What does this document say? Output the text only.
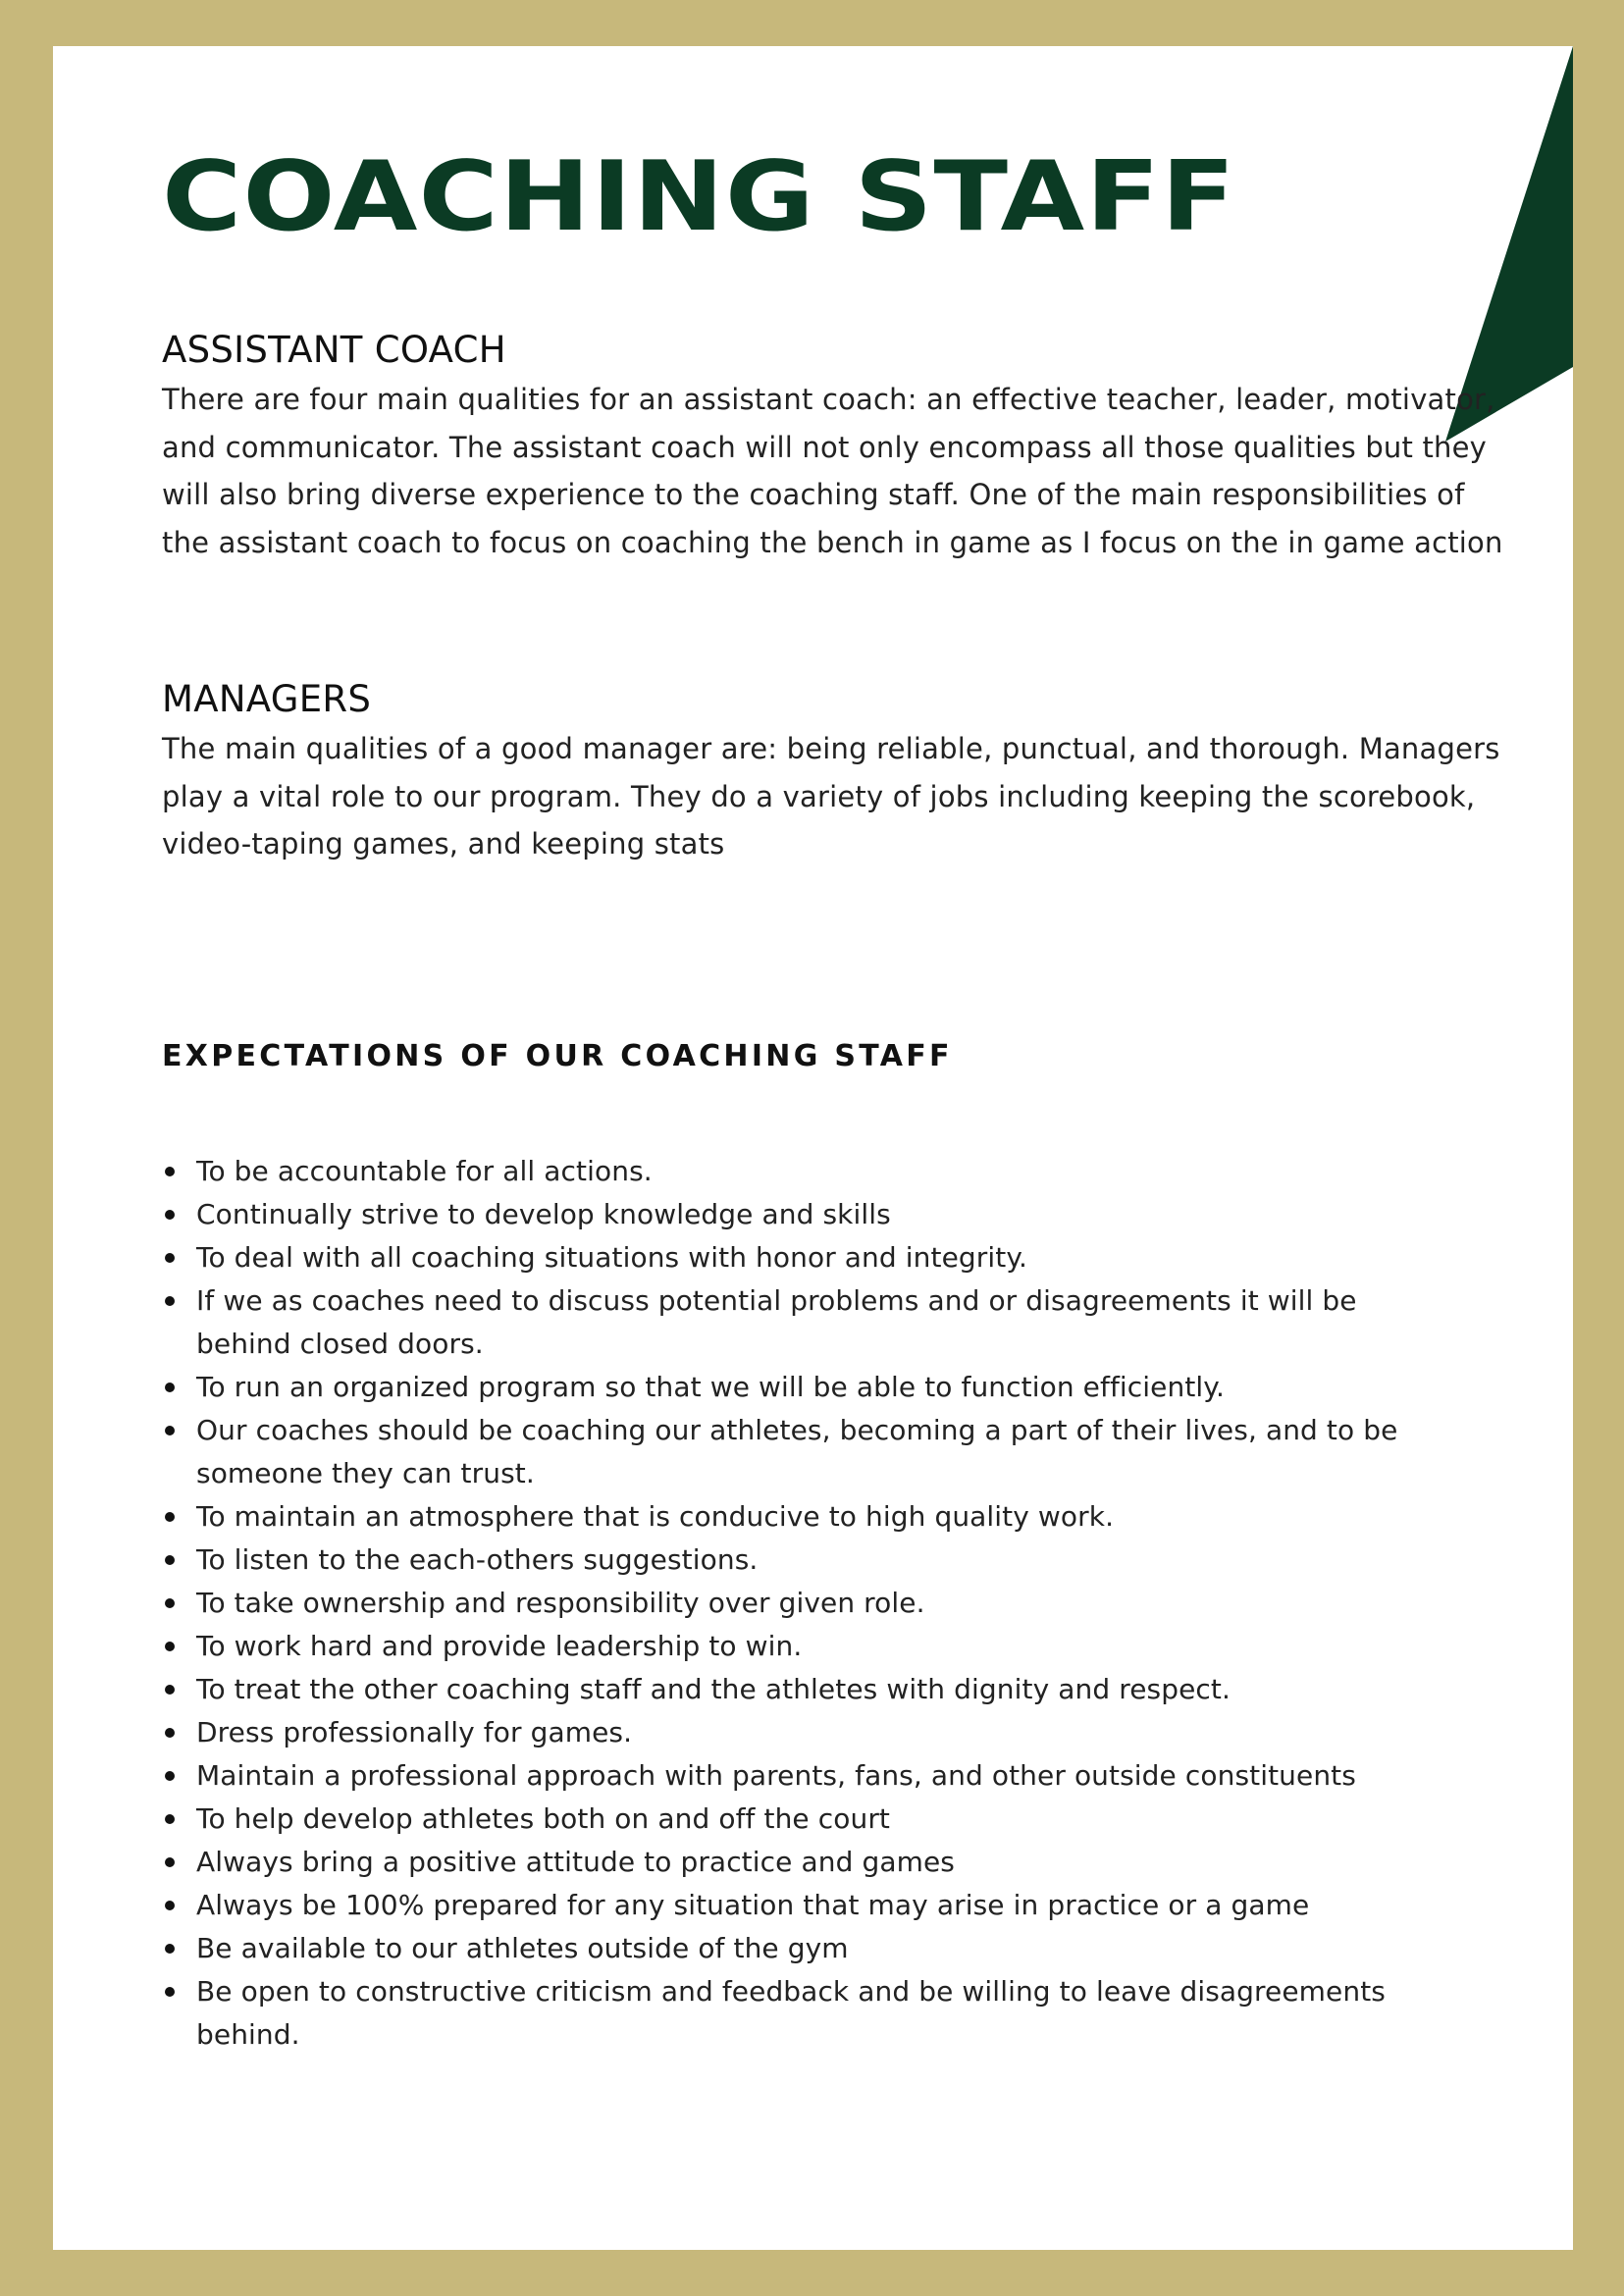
COACHING STAFF
ASSISTANT COACH

There are four main qualities for an assistant coach: an effective teacher, leader, motivator, and communicator. The assistant coach will not only encompass all those qualities but they will also bring diverse experience to the coaching staff. One of the main responsibilities of the assistant coach to focus on coaching the bench in game as I focus on the in game action

MANAGERS

The main qualities of a good manager are: being reliable, punctual, and thorough. Managers play a vital role to our program. They do a variety of jobs including keeping the scorebook, video-taping games, and keeping stats

EXPECTATIONS OF OUR COACHING STAFF
To be accountable for all actions.
Continually strive to develop knowledge and skills
To deal with all coaching situations with honor and integrity.
If we as coaches need to discuss potential problems and or disagreements it will be behind closed doors.
To run an organized program so that we will be able to function efficiently.
Our coaches should be coaching our athletes, becoming a part of their lives, and to be someone they can trust.
To maintain an atmosphere that is conducive to high quality work.
To listen to the each-others suggestions.
To take ownership and responsibility over given role.
To work hard and provide leadership to win.
To treat the other coaching staff and the athletes with dignity and respect.
Dress professionally for games.
Maintain a professional approach with parents, fans, and other outside constituents
To help develop athletes both on and off the court
Always bring a positive attitude to practice and games
Always be 100% prepared for any situation that may arise in practice or a game
Be available to our athletes outside of the gym
Be open to constructive criticism and feedback and be willing to leave disagreements behind.
